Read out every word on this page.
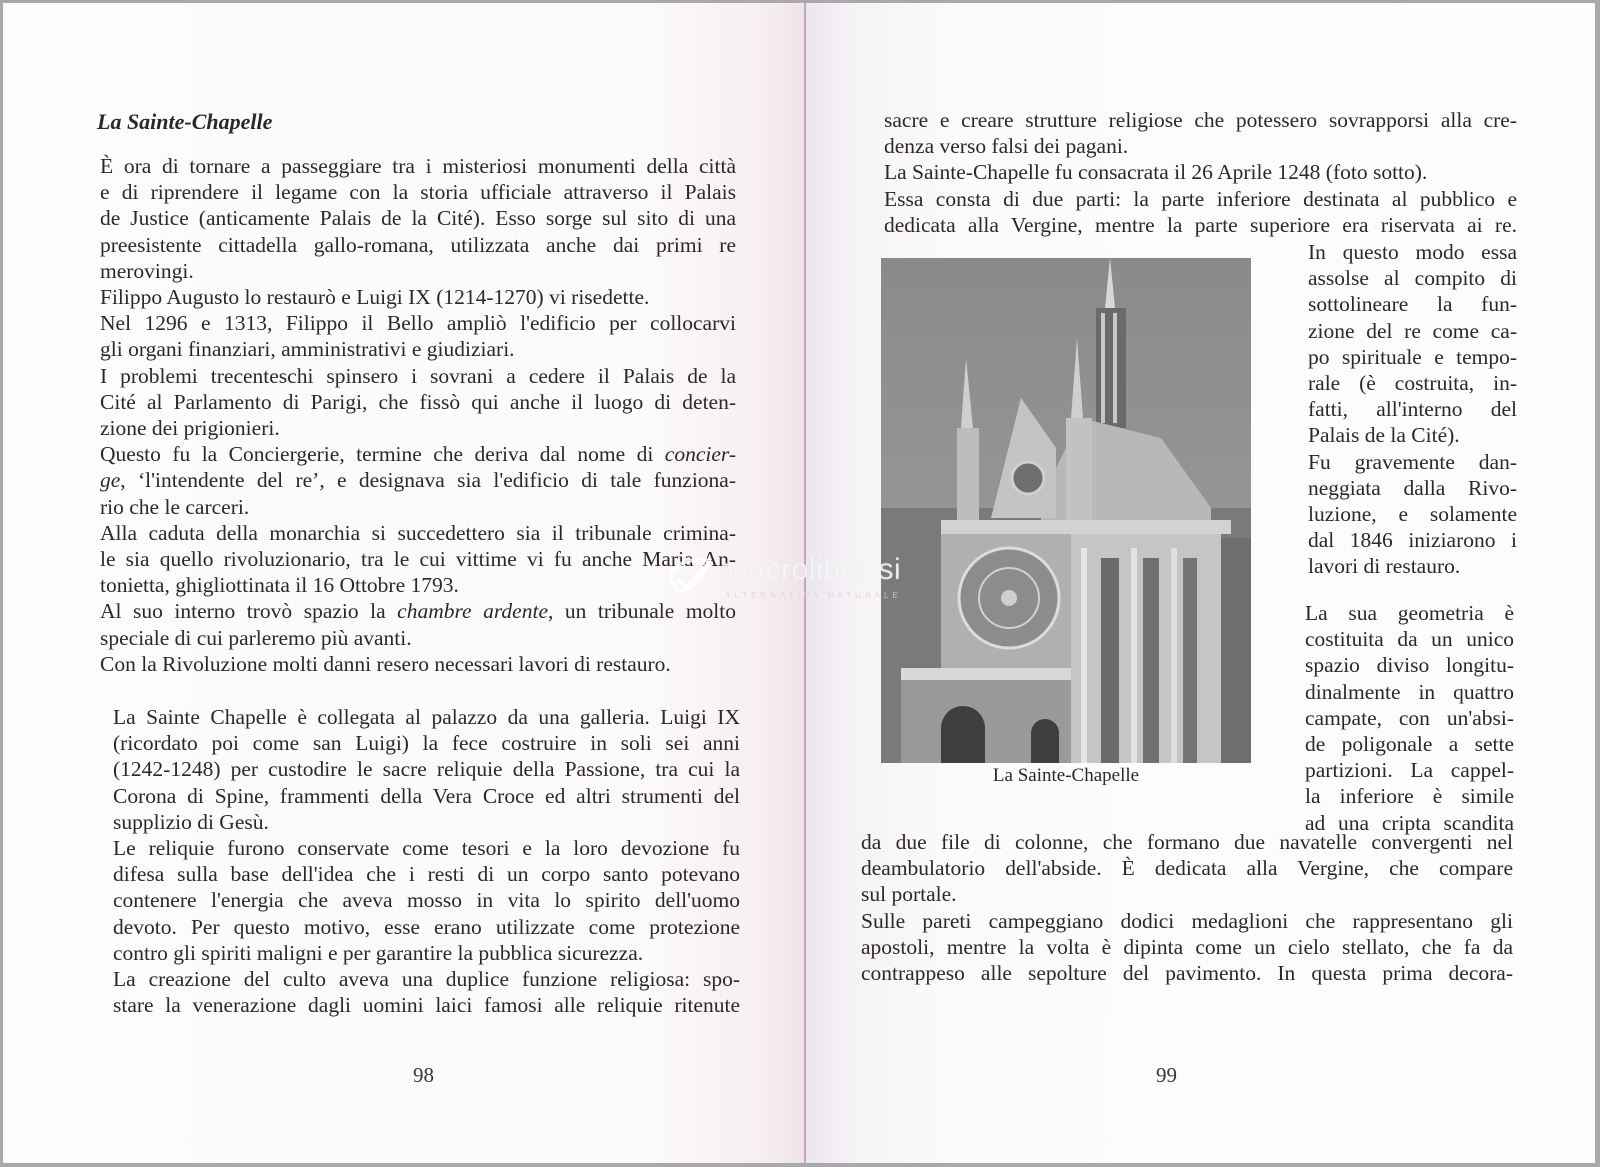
La Sainte-Chapelle
È ora di tornare a passeggiare tra i misteriosi monumenti della città
e di riprendere il legame con la storia ufficiale attraverso il Palais
de Justice (anticamente Palais de la Cité). Esso sorge sul sito di una
preesistente cittadella gallo-romana, utilizzata anche dai primi re
merovingi.
Filippo Augusto lo restaurò e Luigi IX (1214-1270) vi risedette.
Nel 1296 e 1313, Filippo il Bello ampliò l'edificio per collocarvi
gli organi finanziari, amministrativi e giudiziari.
I problemi trecenteschi spinsero i sovrani a cedere il Palais de la
Cité al Parlamento di Parigi, che fissò qui anche il luogo di deten-
zione dei prigionieri.
Questo fu la Conciergerie, termine che deriva dal nome di concier-
ge, ‘l'intendente del re’, e designava sia l'edificio di tale funziona-
rio che le carceri.
Alla caduta della monarchia si succedettero sia il tribunale crimina-
le sia quello rivoluzionario, tra le cui vittime vi fu anche Maria An-
tonietta, ghigliottinata il 16 Ottobre 1793.
Al suo interno trovò spazio la chambre ardente, un tribunale molto
speciale di cui parleremo più avanti.
Con la Rivoluzione molti danni resero necessari lavori di restauro.
La Sainte Chapelle è collegata al palazzo da una galleria. Luigi IX
(ricordato poi come san Luigi) la fece costruire in soli sei anni
(1242-1248) per custodire le sacre reliquie della Passione, tra cui la
Corona di Spine, frammenti della Vera Croce ed altri strumenti del
supplizio di Gesù.
Le reliquie furono conservate come tesori e la loro devozione fu
difesa sulla base dell'idea che i resti di un corpo santo potevano
contenere l'energia che aveva mosso in vita lo spirito dell'uomo
devoto. Per questo motivo, esse erano utilizzate come protezione
contro gli spiriti maligni e per garantire la pubblica sicurezza.
La creazione del culto aveva una duplice funzione religiosa: spo-
stare la venerazione dagli uomini laici famosi alle reliquie ritenute
98
sacre e creare strutture religiose che potessero sovrapporsi alla cre-
denza verso falsi dei pagani.
La Sainte-Chapelle fu consacrata il 26 Aprile 1248 (foto sotto).
Essa consta di due parti: la parte inferiore destinata al pubblico e
dedicata alla Vergine, mentre la parte superiore era riservata ai re.
La Sainte-Chapelle
In questo modo essa
assolse al compito di
sottolineare la fun-
zione del re come ca-
po spirituale e tempo-
rale (è costruita, in-
fatti, all'interno del
Palais de la Cité).
Fu gravemente dan-
neggiata dalla Rivo-
luzione, e solamente
dal 1846 iniziarono i
lavori di restauro.
La sua geometria è
costituita da un unico
spazio diviso longitu-
dinalmente in quattro
campate, con un'absi-
de poligonale a sette
partizioni. La cappel-
la inferiore è simile
ad una cripta scandita
da due file di colonne, che formano due navatelle convergenti nel
deambulatorio dell'abside. È dedicata alla Vergine, che compare
sul portale.
Sulle pareti campeggiano dodici medaglioni che rappresentano gli
apostoli, mentre la volta è dipinta come un cielo stellato, che fa da
contrappeso alle sepolture del pavimento. In questa prima decora-
99
macrolibrarsi
ALTERNATIVA NATURALE
